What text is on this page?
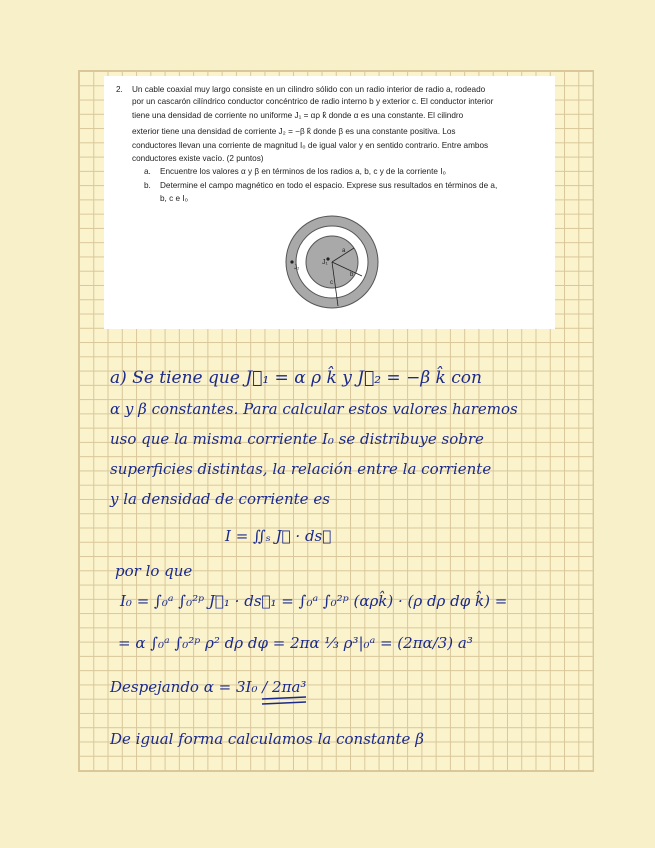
2. Un cable coaxial muy largo consiste en un cilindro sólido con un radio interior de radio a, rodeado
por un cascarón cilíndrico conductor concéntrico de radio interno b y exterior c. El conductor interior
tiene una densidad de corriente no uniforme J₁ = αρ k̂ donde α es una constante. El cilindro
exterior tiene una densidad de corriente J₂ = −β k̂ donde β es una constante positiva. Los
conductores llevan una corriente de magnitud I₀ de igual valor y en sentido contrario. Entre ambos
conductores existe vacío. (2 puntos)
a. Encuentre los valores α y β en términos de los radios a, b, c y de la corriente I₀
b. Determine el campo magnético en todo el espacio. Exprese sus resultados en términos de a,
b, c e I₀
J₁
J₂
a
b
c
a) Se tiene que J⃗₁ = α ρ k̂ y J⃗₂ = −β k̂ con
α y β constantes. Para calcular estos valores haremos
uso que la misma corriente I₀ se distribuye sobre
superficies distintas, la relación entre la corriente
y la densidad de corriente es
I = ∬ₛ J⃗ · ds⃗
por lo que
I₀ = ∫₀ᵃ ∫₀²ᵖ J⃗₁ · ds⃗₁ = ∫₀ᵃ ∫₀²ᵖ (αρk̂) · (ρ dρ dφ k̂) =
= α ∫₀ᵃ ∫₀²ᵖ ρ² dρ dφ = 2πα ⅓ ρ³|₀ᵃ = (2πα/3) a³
Despejando α = 3I₀ / 2πa³
De igual forma calculamos la constante β
